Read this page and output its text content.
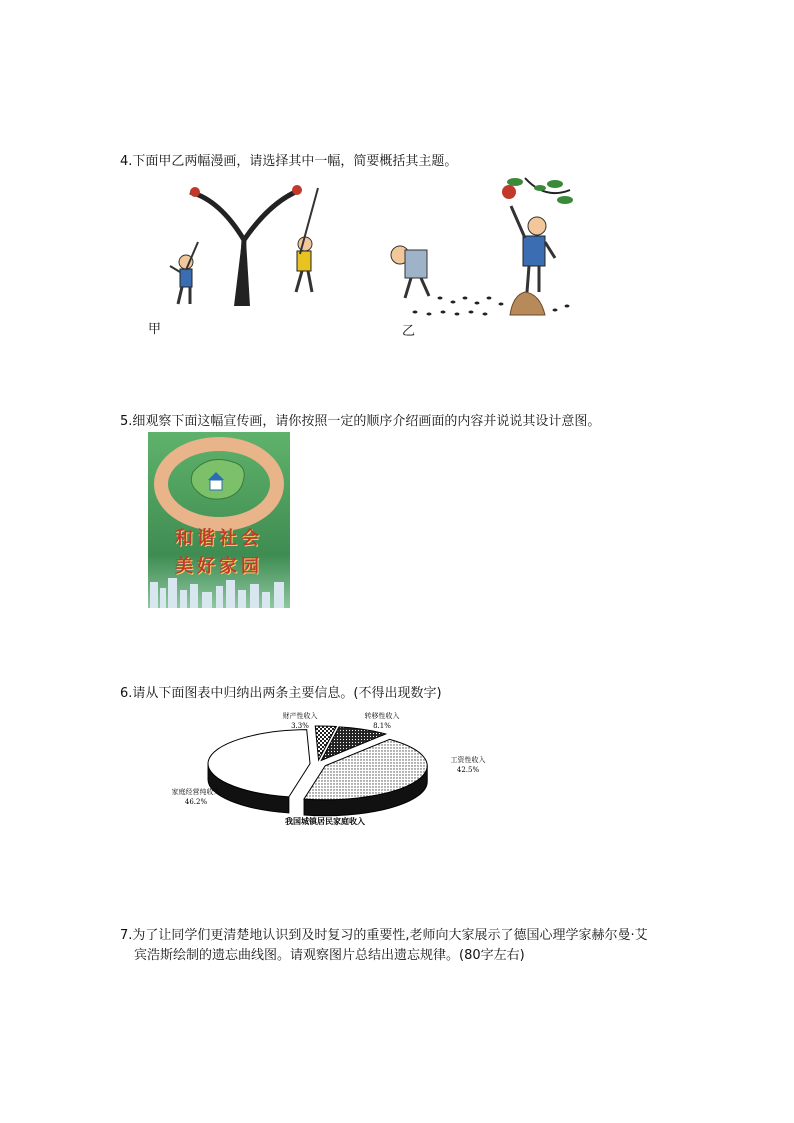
4.下面甲乙两幅漫画，请选择其中一幅，简要概括其主题。
甲	乙
5.细观察下面这幅宣传画，请你按照一定的顺序介绍画面的内容并说说其设计意图。
和谐社会
美好家园
6.请从下面图表中归纳出两条主要信息。(不得出现数字)
财产性收入
3.3%
转移性收入
8.1%
工资性收入
42.5%
家庭经营纯收入
46.2%
我国城镇居民家庭收入
7.为了让同学们更清楚地认识到及时复习的重要性,老师向大家展示了德国心理学家赫尔曼·艾
宾浩斯绘制的遗忘曲线图。请观察图片总结出遗忘规律。(80字左右)
